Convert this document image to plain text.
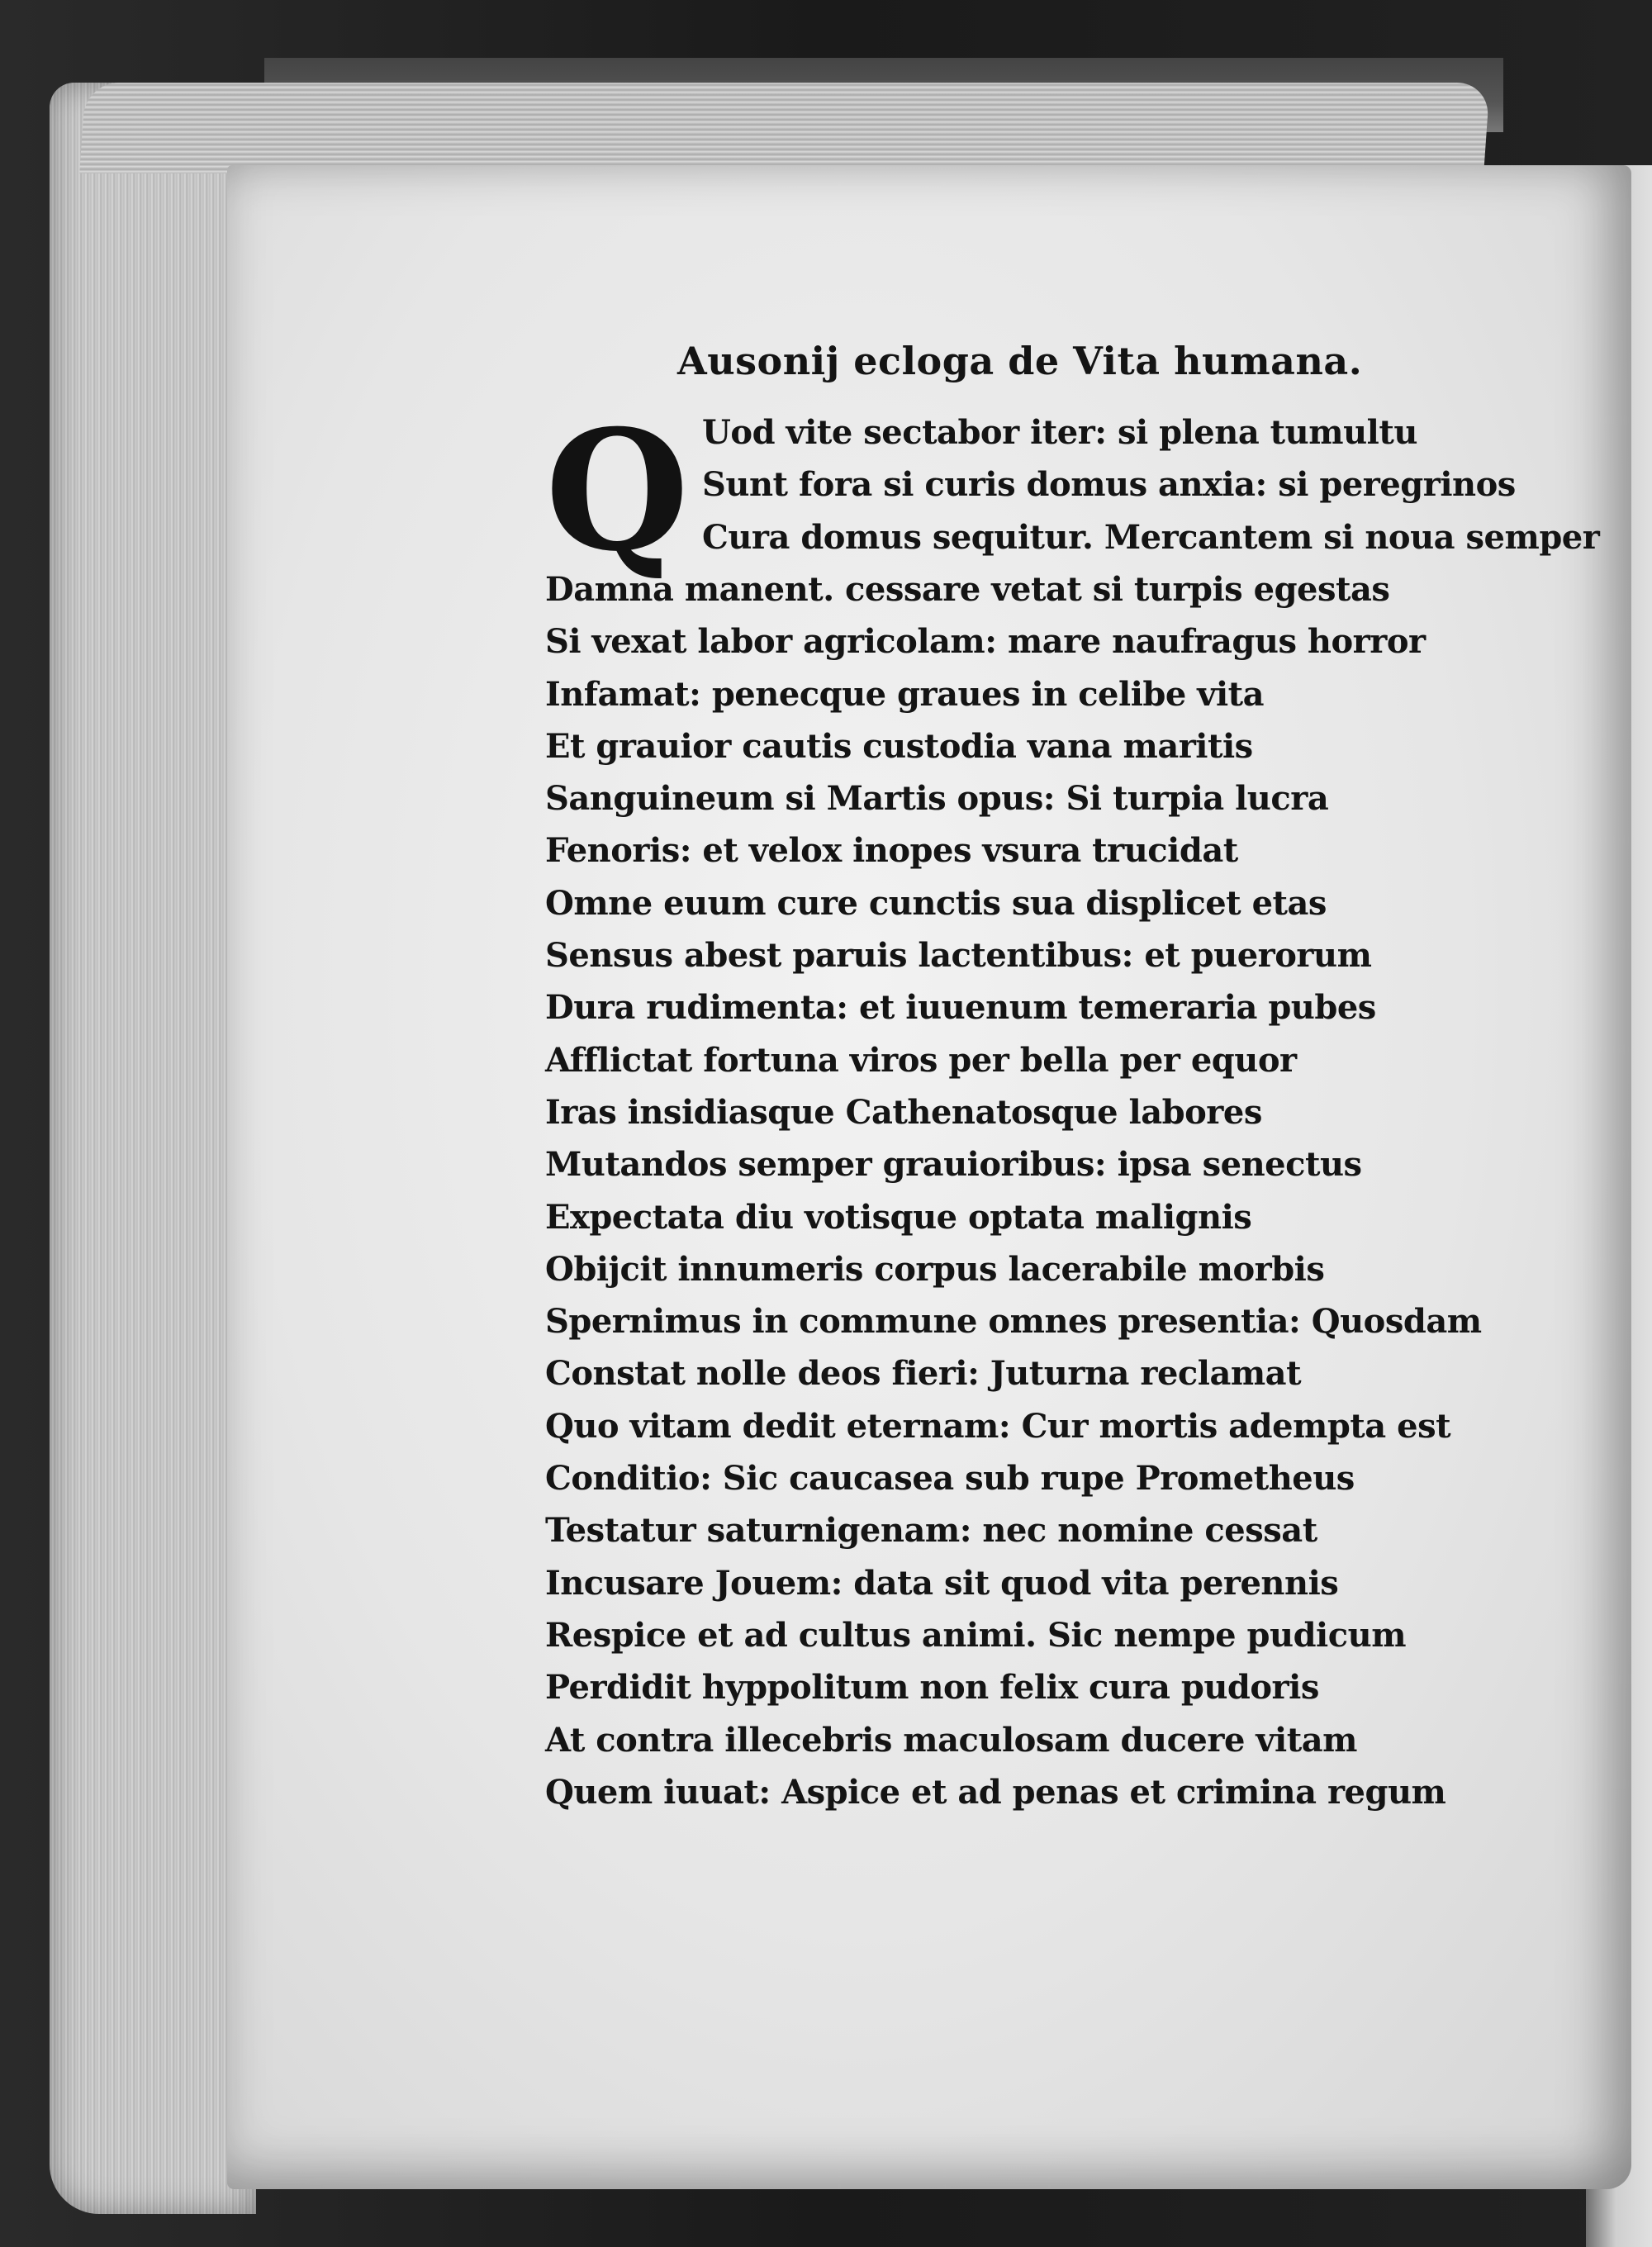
Ausonij ecloga de Vita humana.
Q Uod vite sectabor iter: si plena tumultu
Sunt fora si curis domus anxia: si peregrinos
Cura domus sequitur. Mercantem si noua semper
Damna manent. cessare vetat si turpis egestas
Si vexat labor agricolam: mare naufragus horror
Infamat: penecque graues in celibe vita
Et grauior cautis custodia vana maritis
Sanguineum si Martis opus: Si turpia lucra
Fenoris: et velox inopes vsura trucidat
Omne euum cure cunctis sua displicet etas
Sensus abest paruis lactentibus: et puerorum
Dura rudimenta: et iuuenum temeraria pubes
Afflictat fortuna viros per bella per equor
Iras insidiasque Cathenatosque labores
Mutandos semper grauioribus: ipsa senectus
Expectata diu votisque optata malignis
Obijcit innumeris corpus lacerabile morbis
Spernimus in commune omnes presentia: Quosdam
Constat nolle deos fieri: Juturna reclamat
Quo vitam dedit eternam: Cur mortis adempta est
Conditio: Sic caucasea sub rupe Prometheus
Testatur saturnigenam: nec nomine cessat
Incusare Jouem: data sit quod vita perennis
Respice et ad cultus animi. Sic nempe pudicum
Perdidit hyppolitum non felix cura pudoris
At contra illecebris maculosam ducere vitam
Quem iuuat: Aspice et ad penas et crimina regum
